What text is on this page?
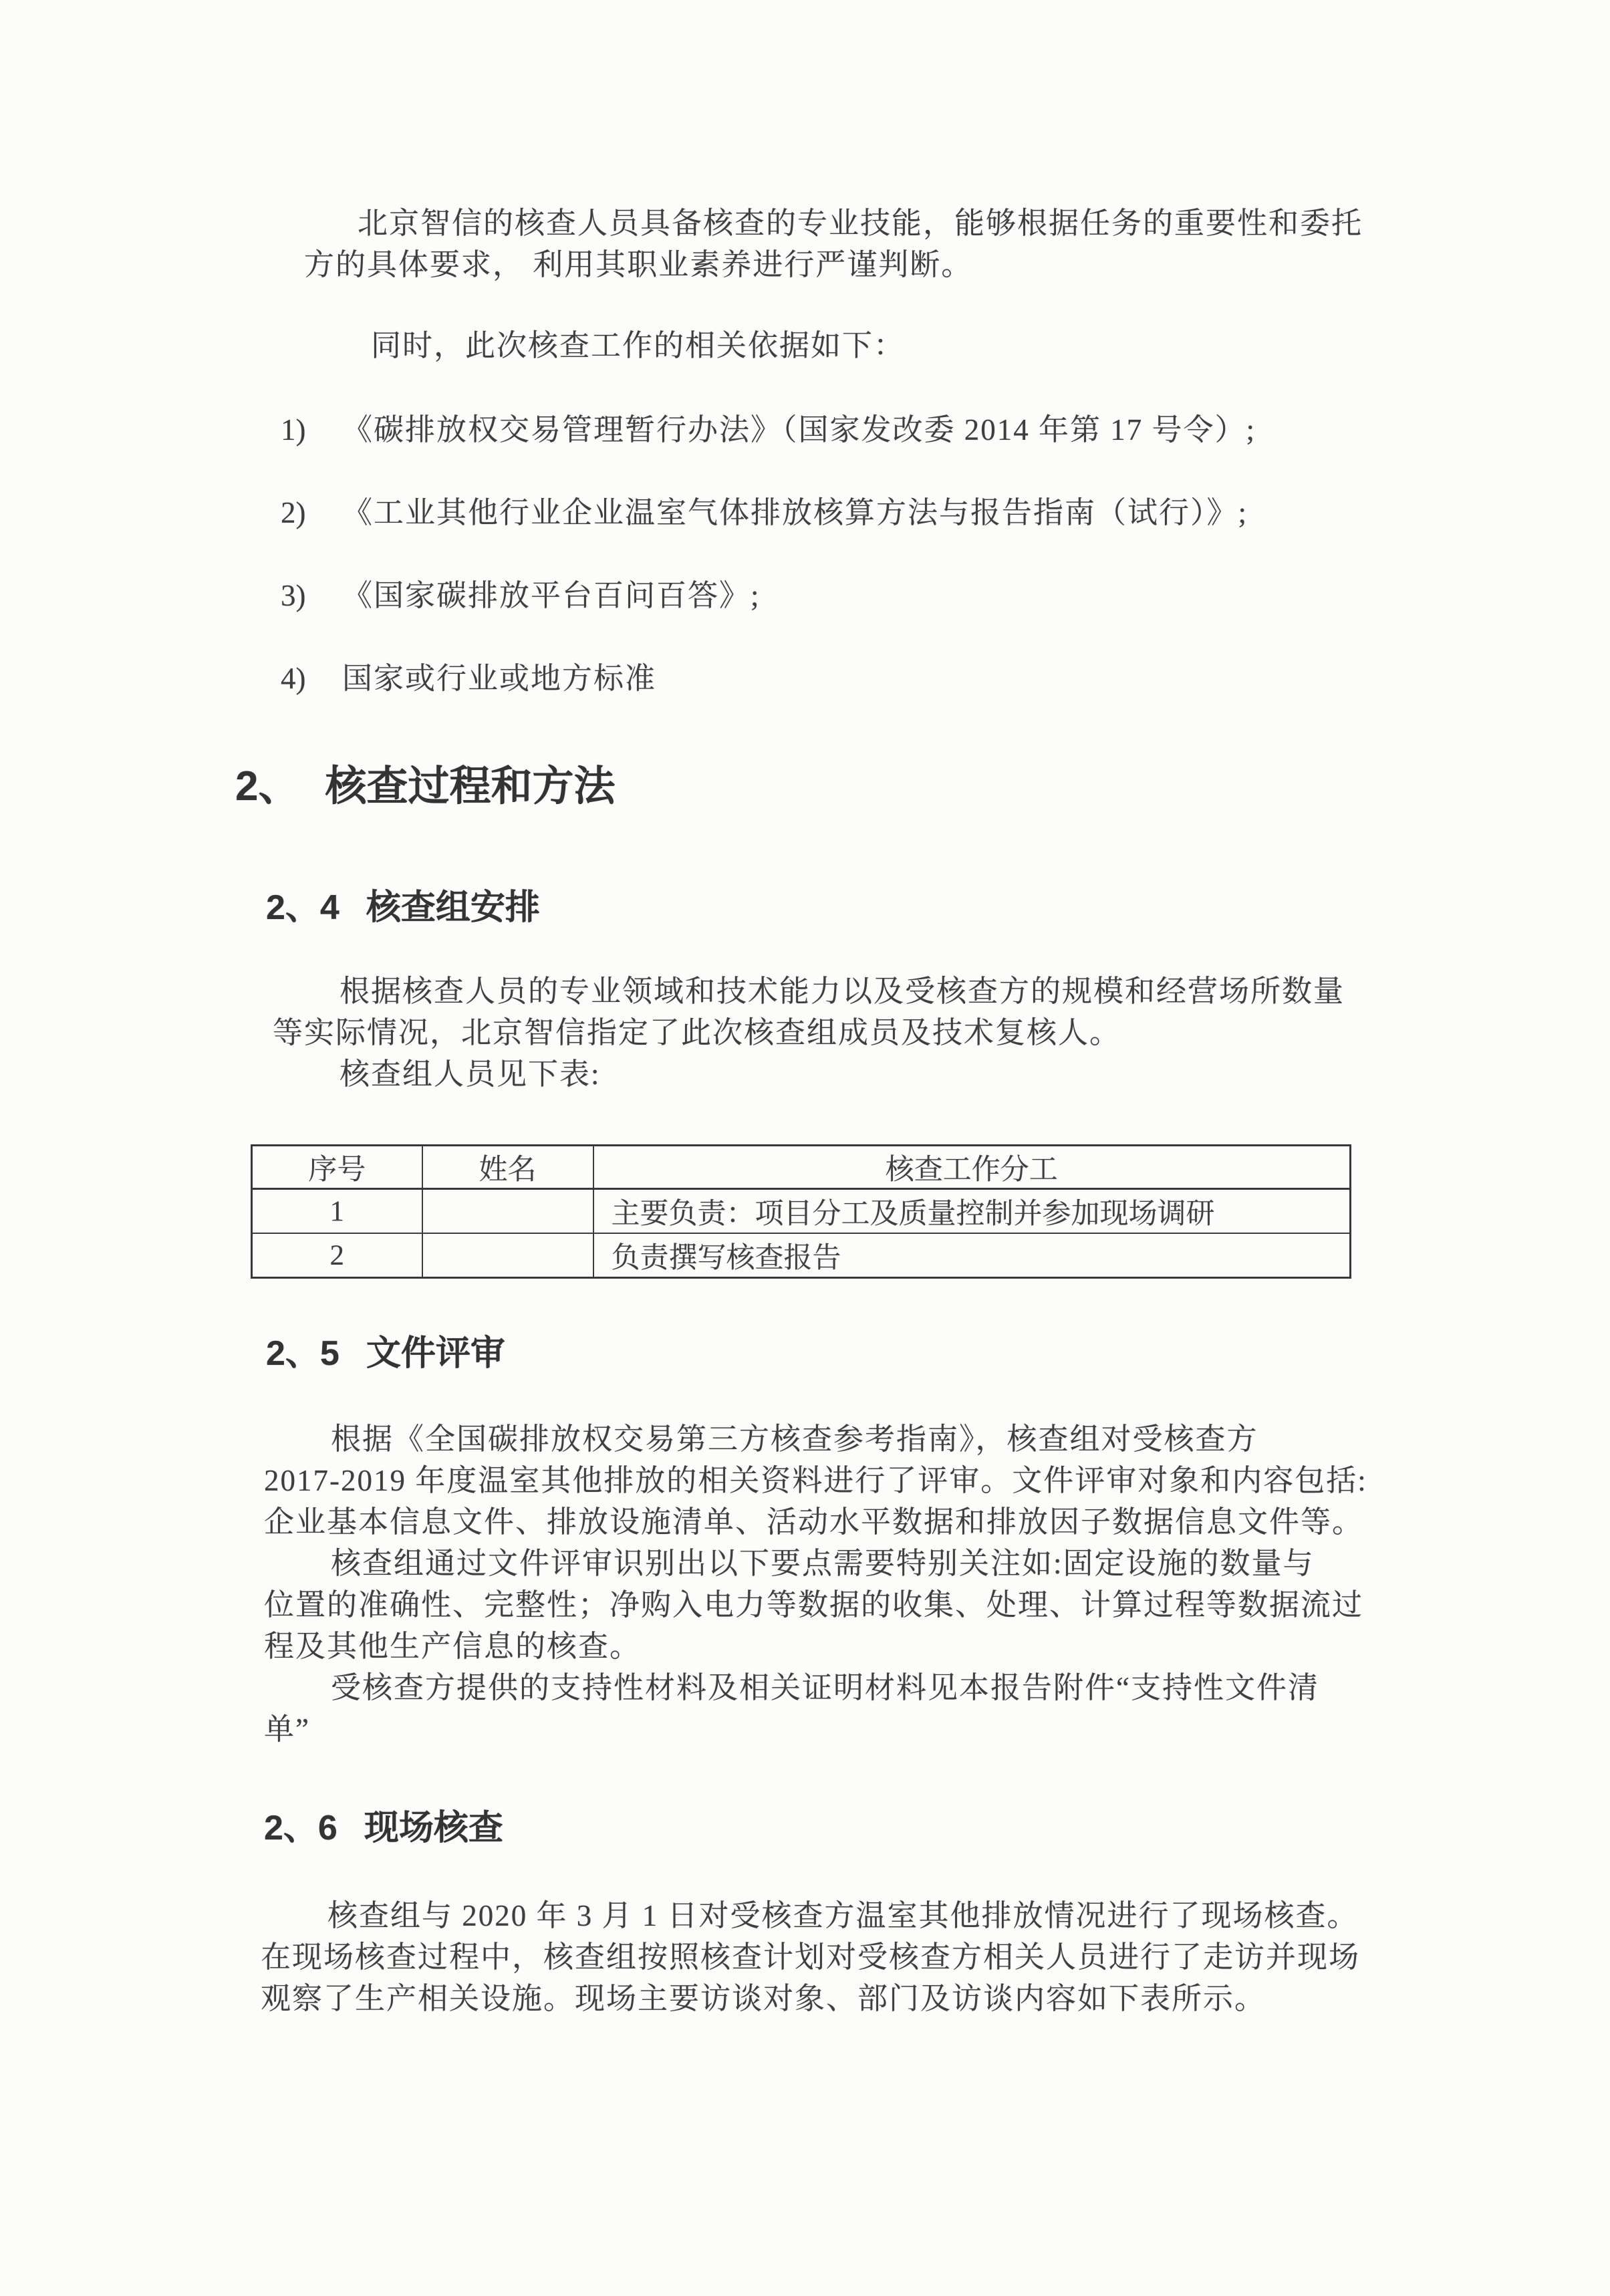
北京智信的核查人员具备核查的专业技能，能够根据任务的重要性和委托
方的具体要求， 利用其职业素养进行严谨判断。
同时，此次核查工作的相关依据如下：
1)	《碳排放权交易管理暂行办法》（国家发改委 2014 年第 17 号令）;
2)	《工业其他行业企业温室气体排放核算方法与报告指南（试行）》;
3)	《国家碳排放平台百问百答》;
4)	国家或行业或地方标准
2、 核查过程和方法
2、4 核查组安排
根据核查人员的专业领域和技术能力以及受核查方的规模和经营场所数量
等实际情况，北京智信指定了此次核查组成员及技术复核人。
核查组人员见下表:
序号	姓名	核查工作分工
1		主要负责：项目分工及质量控制并参加现场调研
2		负责撰写核查报告
2、5 文件评审
根据《全国碳排放权交易第三方核查参考指南》，核查组对受核查方
2017-2019 年度温室其他排放的相关资料进行了评审。文件评审对象和内容包括:
企业基本信息文件、排放设施清单、活动水平数据和排放因子数据信息文件等。
核查组通过文件评审识别出以下要点需要特别关注如:固定设施的数量与
位置的准确性、完整性；净购入电力等数据的收集、处理、计算过程等数据流过
程及其他生产信息的核查。
受核查方提供的支持性材料及相关证明材料见本报告附件“支持性文件清
单”
2、6 现场核查
核查组与 2020 年 3 月 1 日对受核查方温室其他排放情况进行了现场核查。
在现场核查过程中，核查组按照核查计划对受核查方相关人员进行了走访并现场
观察了生产相关设施。现场主要访谈对象、部门及访谈内容如下表所示。
